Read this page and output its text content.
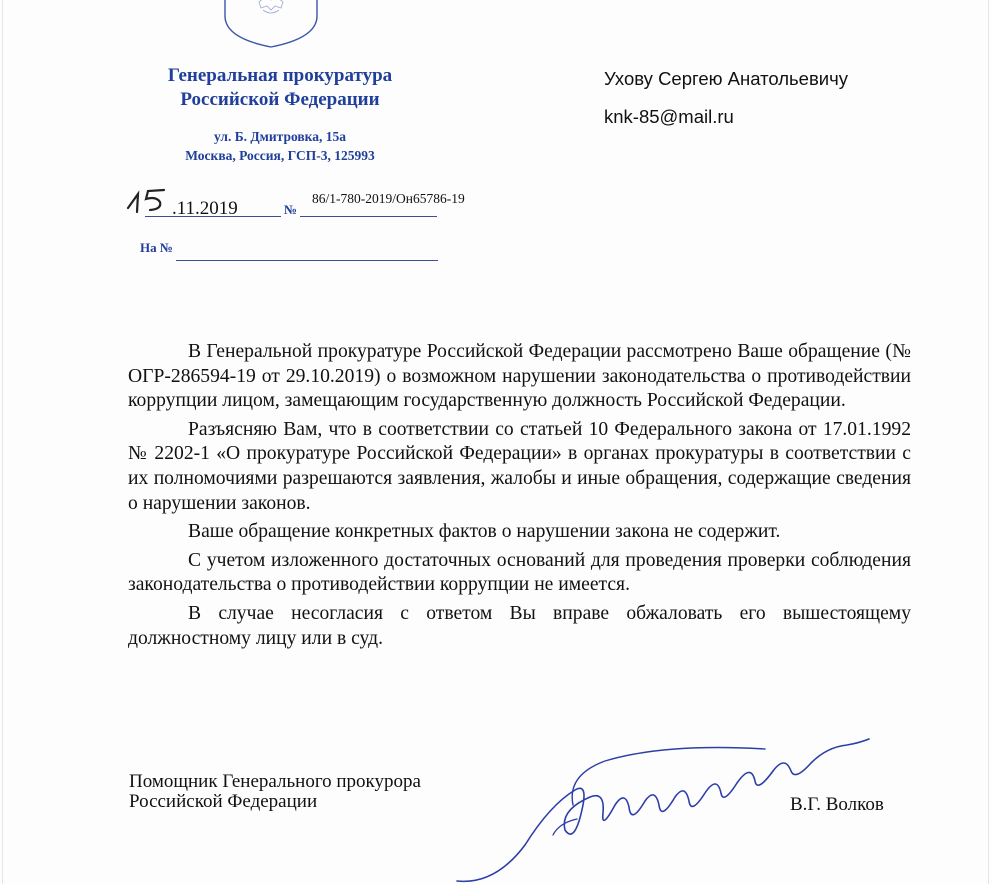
Генеральная прокуратура
Российской Федерации
ул. Б. Дмитровка, 15а
Москва, Россия, ГСП-3, 125993
Ухову Сергею Анатольевичу
knk-85@mail.ru
.11.2019	№
86/1-780-2019/Он65786-19
На №

В Генеральной прокуратуре Российской Федерации рассмотрено Ваше обращение (№ ОГР-286594-19 от 29.10.2019) о возможном нарушении законодательства о противодействии коррупции лицом, замещающим государственную должность Российской Федерации.

Разъясняю Вам, что в соответствии со статьей 10 Федерального закона от 17.01.1992 № 2202-1 «О прокуратуре Российской Федерации» в органах прокуратуры в соответствии с их полномочиями разрешаются заявления, жалобы и иные обращения, содержащие сведения о нарушении законов.

Ваше обращение конкретных фактов о нарушении закона не содержит.

С учетом изложенного достаточных оснований для проведения проверки соблюдения законодательства о противодействии коррупции не имеется.

В случае несогласия с ответом Вы вправе обжаловать его вышестоящему должностному лицу или в суд.

Помощник Генерального прокурора
Российской Федерации	В.Г. Волков
